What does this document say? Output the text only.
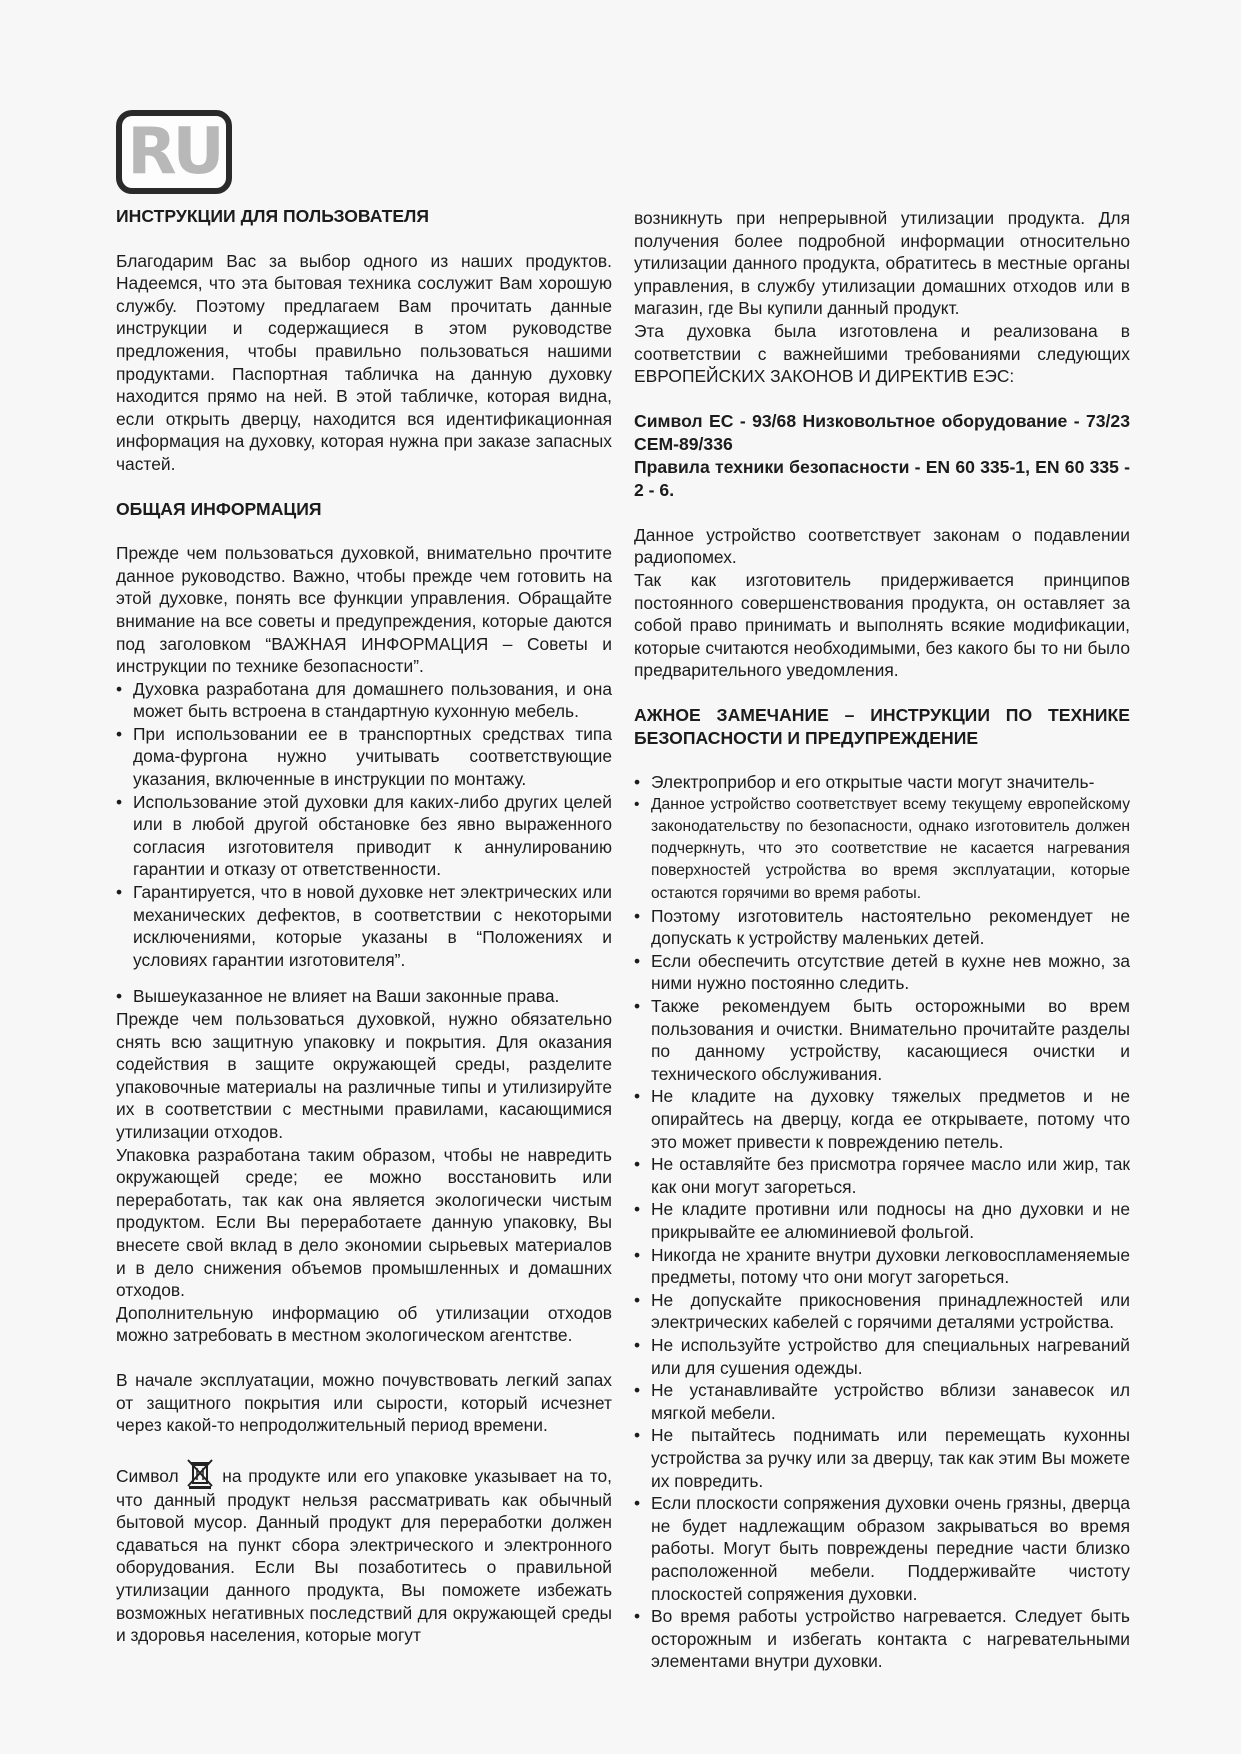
RU

ИНСТРУКЦИИ ДЛЯ ПОЛЬЗОВАТЕЛЯ

Благодарим Вас за выбор одного из наших продуктов. Надеемся, что эта бытовая техника сослужит Вам хорошую службу. Поэтому предлагаем Вам прочитать данные инструкции и содержащиеся в этом руководстве предложения, чтобы правильно пользоваться нашими продуктами. Паспортная табличка на данную духовку находится прямо на ней. В этой табличке, которая видна, если открыть дверцу, находится вся идентификационная информация на духовку, которая нужна при заказе запасных частей.

ОБЩАЯ ИНФОРМАЦИЯ

Прежде чем пользоваться духовкой, внимательно прочтите данное руководство. Важно, чтобы прежде чем готовить на этой духовке, понять все функции управления. Обращайте внимание на все советы и предупреждения, которые даются под заголовком “ВАЖНАЯ ИНФОРМАЦИЯ – Советы и инструкции по технике безопасности”.

• Духовка разработана для домашнего пользования, и она может быть встроена в стандартную кухонную мебель.
• При использовании ее в транспортных средствах типа дома-фургона нужно учитывать соответствующие указания, включенные в инструкции по монтажу.
• Использование этой духовки для каких-либо других целей или в любой другой обстановке без явно выраженного согласия изготовителя приводит к аннулированию гарантии и отказу от ответственности.
• Гарантируется, что в новой духовке нет электрических или механических дефектов, в соответствии с некоторыми исключениями, которые указаны в “Положениях и условиях гарантии изготовителя”.
• Вышеуказанное не влияет на Ваши законные права.

Прежде чем пользоваться духовкой, нужно обязательно снять всю защитную упаковку и покрытия. Для оказания содействия в защите окружающей среды, разделите упаковочные материалы на различные типы и утилизируйте их в соответствии с местными правилами, касающимися утилизации отходов.

Упаковка разработана таким образом, чтобы не навредить окружающей среде; ее можно восстановить или переработать, так как она является экологически чистым продуктом. Если Вы переработаете данную упаковку, Вы внесете свой вклад в дело экономии сырьевых материалов и в дело снижения объемов промышленных и домашних отходов.

Дополнительную информацию об утилизации отходов можно затребовать в местном экологическом агентстве.

В начале эксплуатации, можно почувствовать легкий запах от защитного покрытия или сырости, который исчезнет через какой-то непродолжительный период времени.

Символ	на продукте или его упаковке указывает на то, что данный продукт нельзя рассматривать как обычный бытовой мусор. Данный продукт для переработки должен сдаваться на пункт сбора электрического и электронного оборудования. Если Вы позаботитесь о правильной утилизации данного продукта, Вы поможете избежать возможных негативных последствий для окружающей среды и здоровья населения, которые могут

возникнуть при непрерывной утилизации продукта. Для получения более подробной информации относительно утилизации данного продукта, обратитесь в местные органы управления, в службу утилизации домашних отходов или в магазин, где Вы купили данный продукт.

Эта духовка была изготовлена и реализована в соответствии с важнейшими требованиями следующих ЕВРОПЕЙСКИХ ЗАКОНОВ И ДИРЕКТИВ ЕЭС:

Символ ЕС - 93/68 Низковольтное оборудование - 73/23 CEM-89/336

Правила техники безопасности - EN 60 335-1, EN 60 335 - 2 - 6.

Данное устройство соответствует законам о подавлении радиопомех.

Так как изготовитель придерживается принципов постоянного совершенствования продукта, он оставляет за собой право принимать и выполнять всякие модификации, которые считаются необходимыми, без какого бы то ни было предварительного уведомления.

АЖНОЕ ЗАМЕЧАНИЕ – ИНСТРУКЦИИ ПО ТЕХНИКЕ БЕЗОПАСНОСТИ И ПРЕДУПРЕЖДЕНИЕ

• Электроприбор и его открытые части могут значитель-
• Данное устройство соответствует всему текущему европейскому законодательству по безопасности, однако изготовитель должен подчеркнуть, что это соответствие не касается нагревания поверхностей устройства во время эксплуатации, которые остаются горячими во время работы.
• Поэтому изготовитель настоятельно рекомендует не допускать к устройству маленьких детей.
• Если обеспечить отсутствие детей в кухне нев можно, за ними нужно постоянно следить.
• Также рекомендуем быть осторожными во врем пользования и очистки. Внимательно прочитайте разделы по данному устройству, касающиеся очистки и технического обслуживания.
• Не кладите на духовку тяжелых предметов и не опирайтесь на дверцу, когда ее открываете, потому что это может привести к повреждению петель.
• Не оставляйте без присмотра горячее масло или жир, так как они могут загореться.
• Не кладите противни или подносы на дно духовки и не прикрывайте ее алюминиевой фольгой.
• Никогда не храните внутри духовки легковоспламеняемые предметы, потому что они могут загореться.
• Не допускайте прикосновения принадлежностей или электрических кабелей с горячими деталями устройства.
• Не используйте устройство для специальных нагреваний или для сушения одежды.
• Не устанавливайте устройство вблизи занавесок ил мягкой мебели.
• Не пытайтесь поднимать или перемещать кухонны устройства за ручку или за дверцу, так как этим Вы можете их повредить.
• Если плоскости сопряжения духовки очень грязны, дверца не будет надлежащим образом закрываться во время работы. Могут быть повреждены передние части близко расположенной мебели. Поддерживайте чистоту плоскостей сопряжения духовки.
• Во время работы устройство нагревается. Следует быть осторожным и избегать контакта с нагревательными элементами внутри духовки.
